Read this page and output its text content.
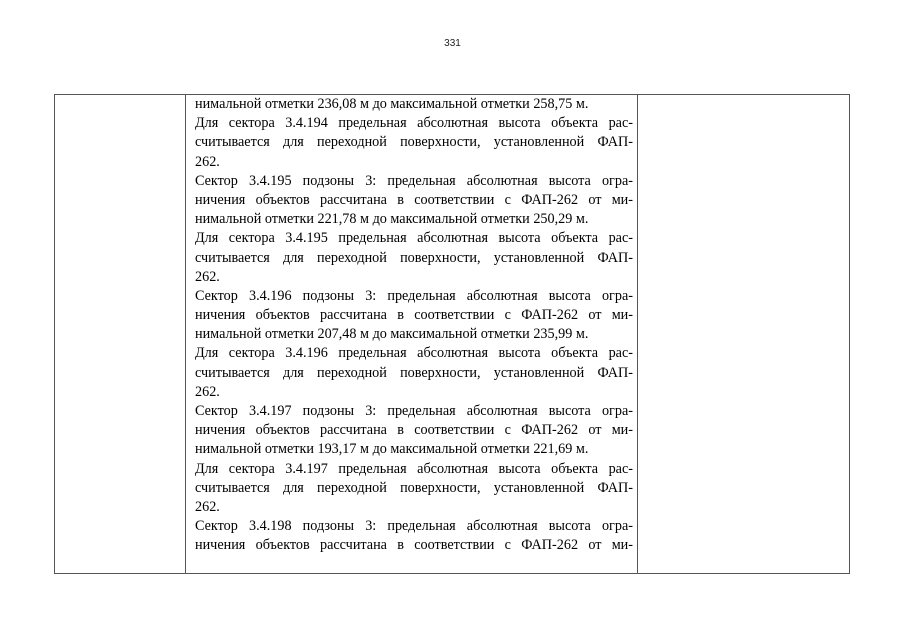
331
нимальной отметки 236,08 м до максимальной отметки 258,75 м.
Для сектора 3.4.194 предельная абсолютная высота объекта рас-
считывается для переходной поверхности, установленной ФАП-
262.
Сектор 3.4.195 подзоны 3: предельная абсолютная высота огра-
ничения объектов рассчитана в соответствии с ФАП-262 от ми-
нимальной отметки 221,78 м до максимальной отметки 250,29 м.
Для сектора 3.4.195 предельная абсолютная высота объекта рас-
считывается для переходной поверхности, установленной ФАП-
262.
Сектор 3.4.196 подзоны 3: предельная абсолютная высота огра-
ничения объектов рассчитана в соответствии с ФАП-262 от ми-
нимальной отметки 207,48 м до максимальной отметки 235,99 м.
Для сектора 3.4.196 предельная абсолютная высота объекта рас-
считывается для переходной поверхности, установленной ФАП-
262.
Сектор 3.4.197 подзоны 3: предельная абсолютная высота огра-
ничения объектов рассчитана в соответствии с ФАП-262 от ми-
нимальной отметки 193,17 м до максимальной отметки 221,69 м.
Для сектора 3.4.197 предельная абсолютная высота объекта рас-
считывается для переходной поверхности, установленной ФАП-
262.
Сектор 3.4.198 подзоны 3: предельная абсолютная высота огра-
ничения объектов рассчитана в соответствии с ФАП-262 от ми-
